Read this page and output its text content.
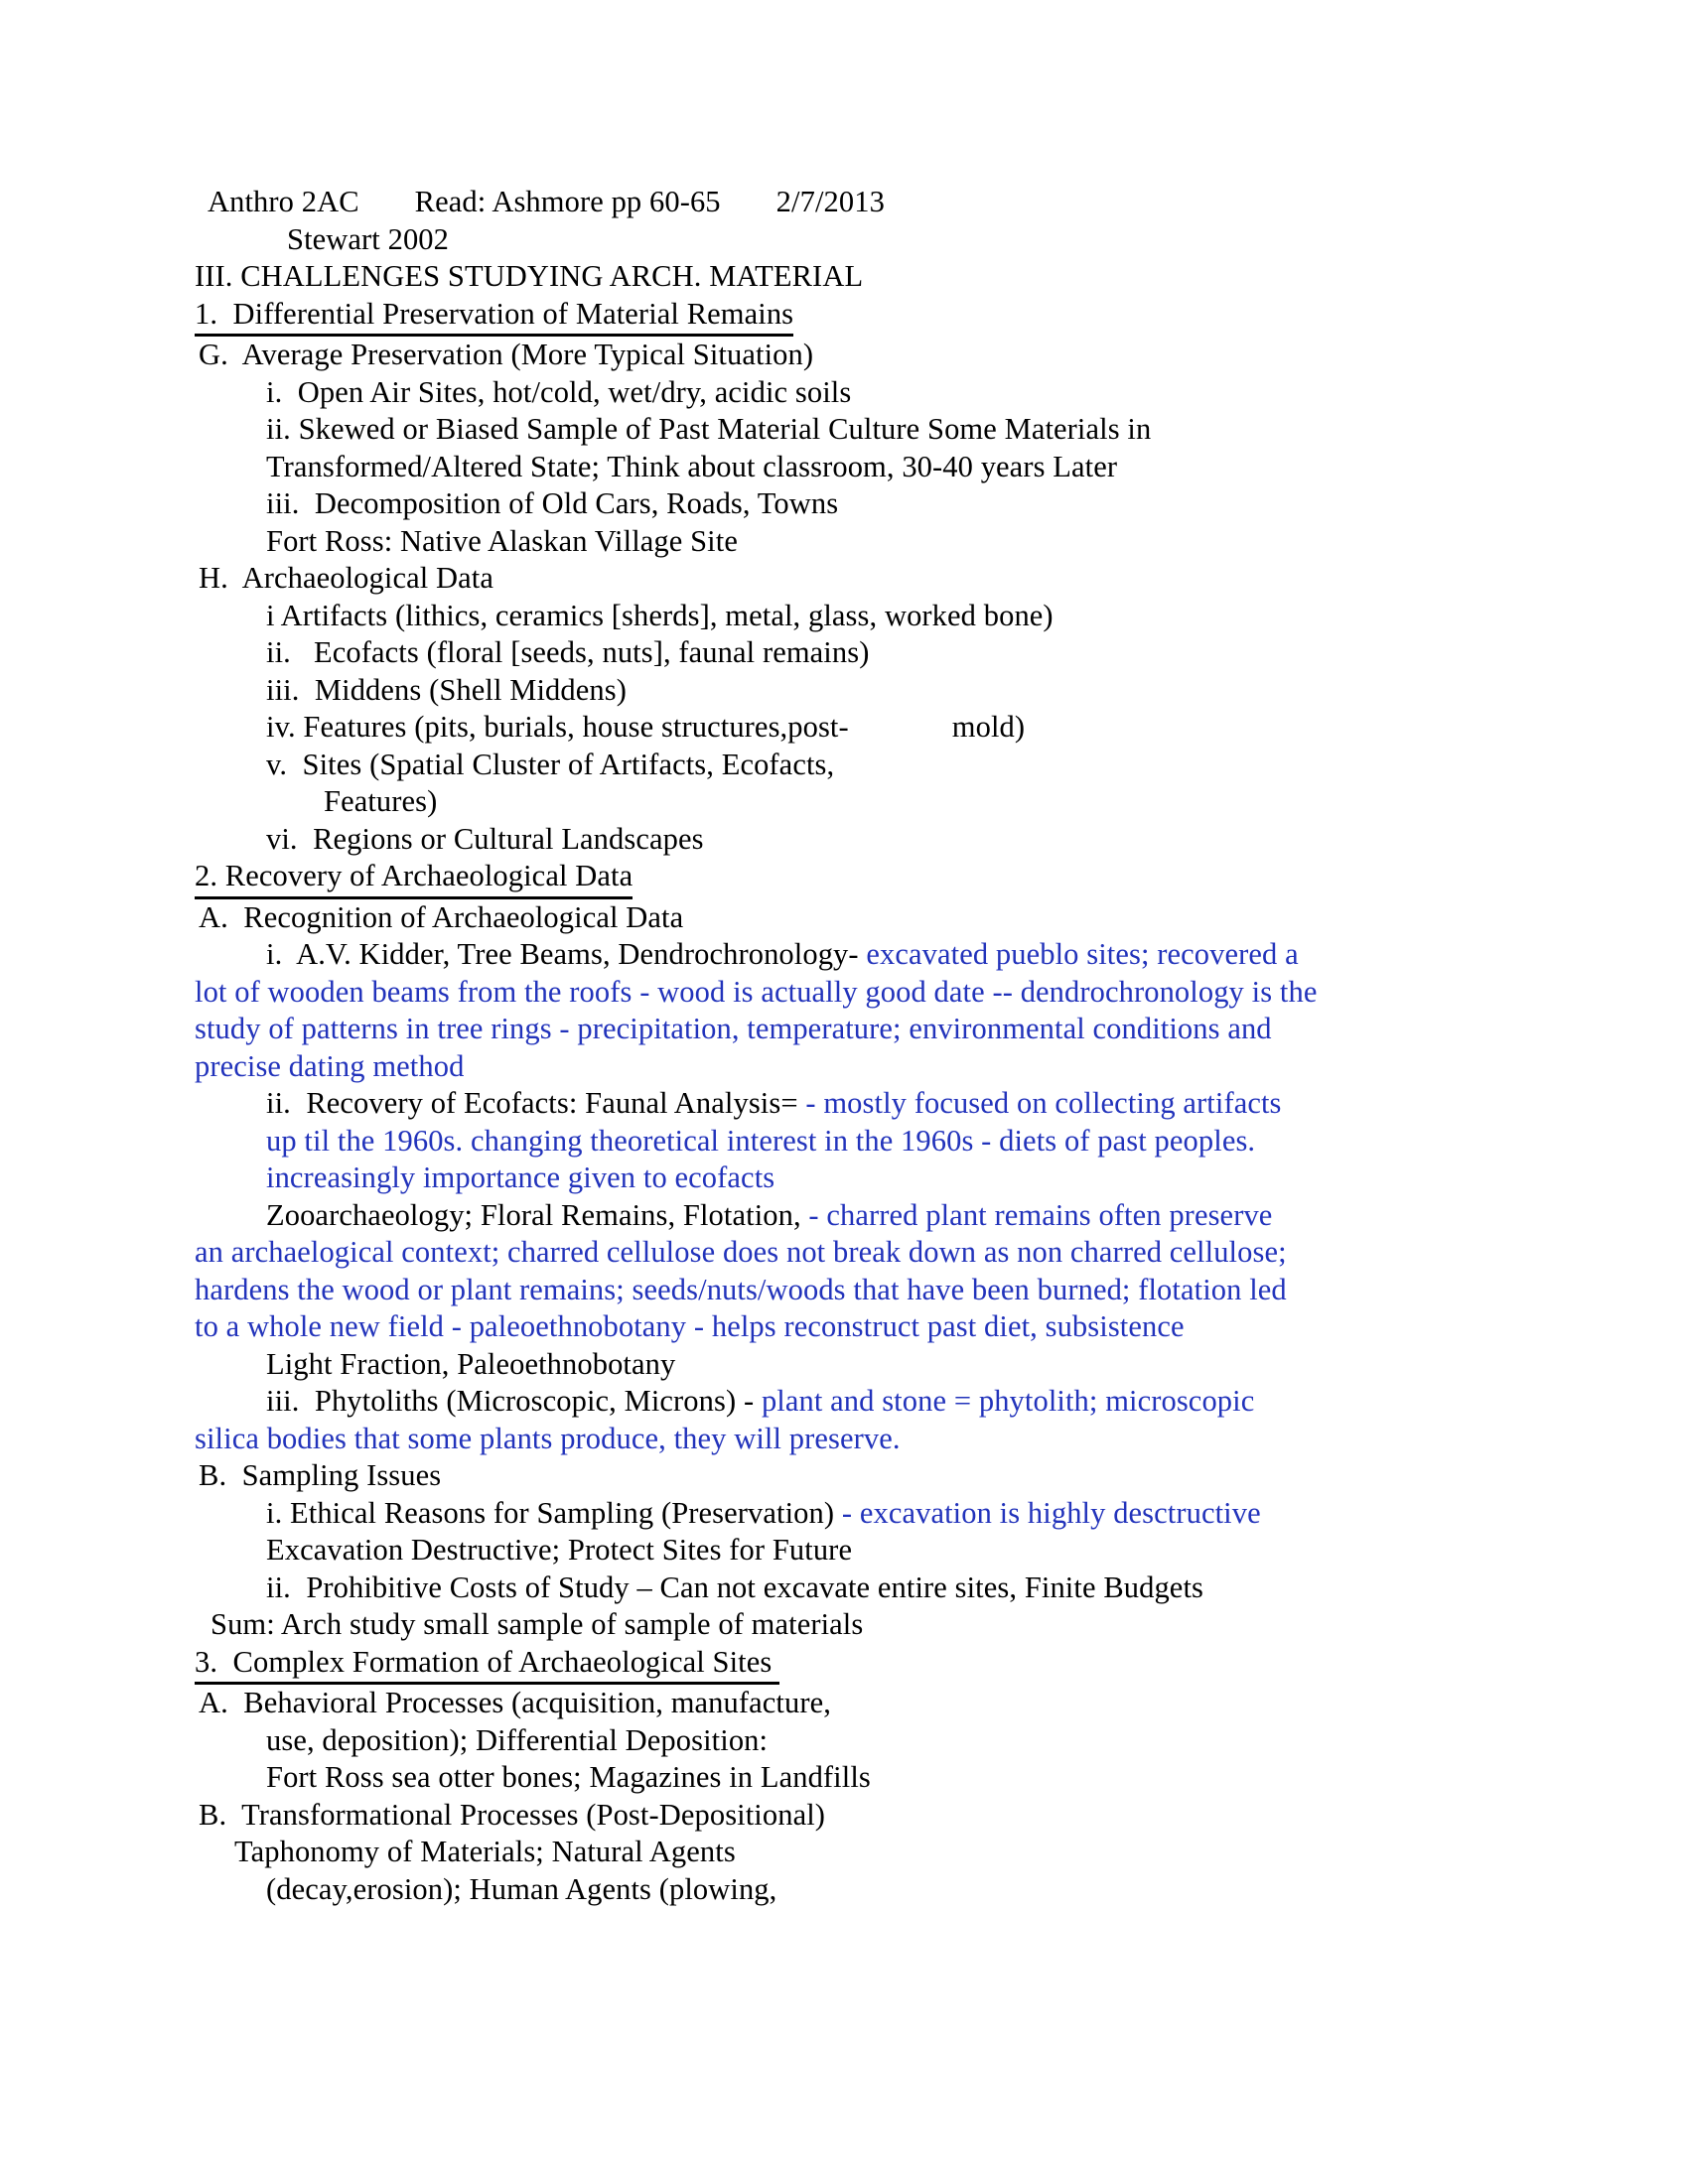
Anthro 2AC Read: Ashmore pp 60-65 2/7/2013
Stewart 2002
III. CHALLENGES STUDYING ARCH. MATERIAL
1.  Differential Preservation of Material Remains
G.  Average Preservation (More Typical Situation)
i.  Open Air Sites, hot/cold, wet/dry, acidic soils
ii. Skewed or Biased Sample of Past Material Culture Some Materials in
Transformed/Altered State; Think about classroom, 30-40 years Later
iii.  Decomposition of Old Cars, Roads, Towns
Fort Ross: Native Alaskan Village Site
H.  Archaeological Data
i Artifacts (lithics, ceramics [sherds], metal, glass, worked bone)
ii.   Ecofacts (floral [seeds, nuts], faunal remains)
iii.  Middens (Shell Middens)
iv. Features (pits, burials, house structures,post-	mold)
v.  Sites (Spatial Cluster of Artifacts, Ecofacts,
Features)
vi.  Regions or Cultural Landscapes
2. Recovery of Archaeological Data
A.  Recognition of Archaeological Data
i.  A.V. Kidder, Tree Beams, Dendrochronology- excavated pueblo sites; recovered a
lot of wooden beams from the roofs - wood is actually good date -- dendrochronology is the
study of patterns in tree rings - precipitation, temperature; environmental conditions and
precise dating method
ii.  Recovery of Ecofacts: Faunal Analysis= - mostly focused on collecting artifacts
up til the 1960s. changing theoretical interest in the 1960s - diets of past peoples.
increasingly importance given to ecofacts
Zooarchaeology; Floral Remains, Flotation, - charred plant remains often preserve
an archaelogical context; charred cellulose does not break down as non charred cellulose;
hardens the wood or plant remains; seeds/nuts/woods that have been burned; flotation led
to a whole new field - paleoethnobotany - helps reconstruct past diet, subsistence
Light Fraction, Paleoethnobotany
iii.  Phytoliths (Microscopic, Microns) - plant and stone = phytolith; microscopic
silica bodies that some plants produce, they will preserve.
B.  Sampling Issues
i. Ethical Reasons for Sampling (Preservation) - excavation is highly desctructive
Excavation Destructive; Protect Sites for Future
ii.  Prohibitive Costs of Study – Can not excavate entire sites, Finite Budgets
Sum: Arch study small sample of sample of materials
3.  Complex Formation of Archaeological Sites
A.  Behavioral Processes (acquisition, manufacture,
use, deposition); Differential Deposition:
Fort Ross sea otter bones; Magazines in Landfills
B.  Transformational Processes (Post-Depositional)
Taphonomy of Materials; Natural Agents
(decay,erosion); Human Agents (plowing,
